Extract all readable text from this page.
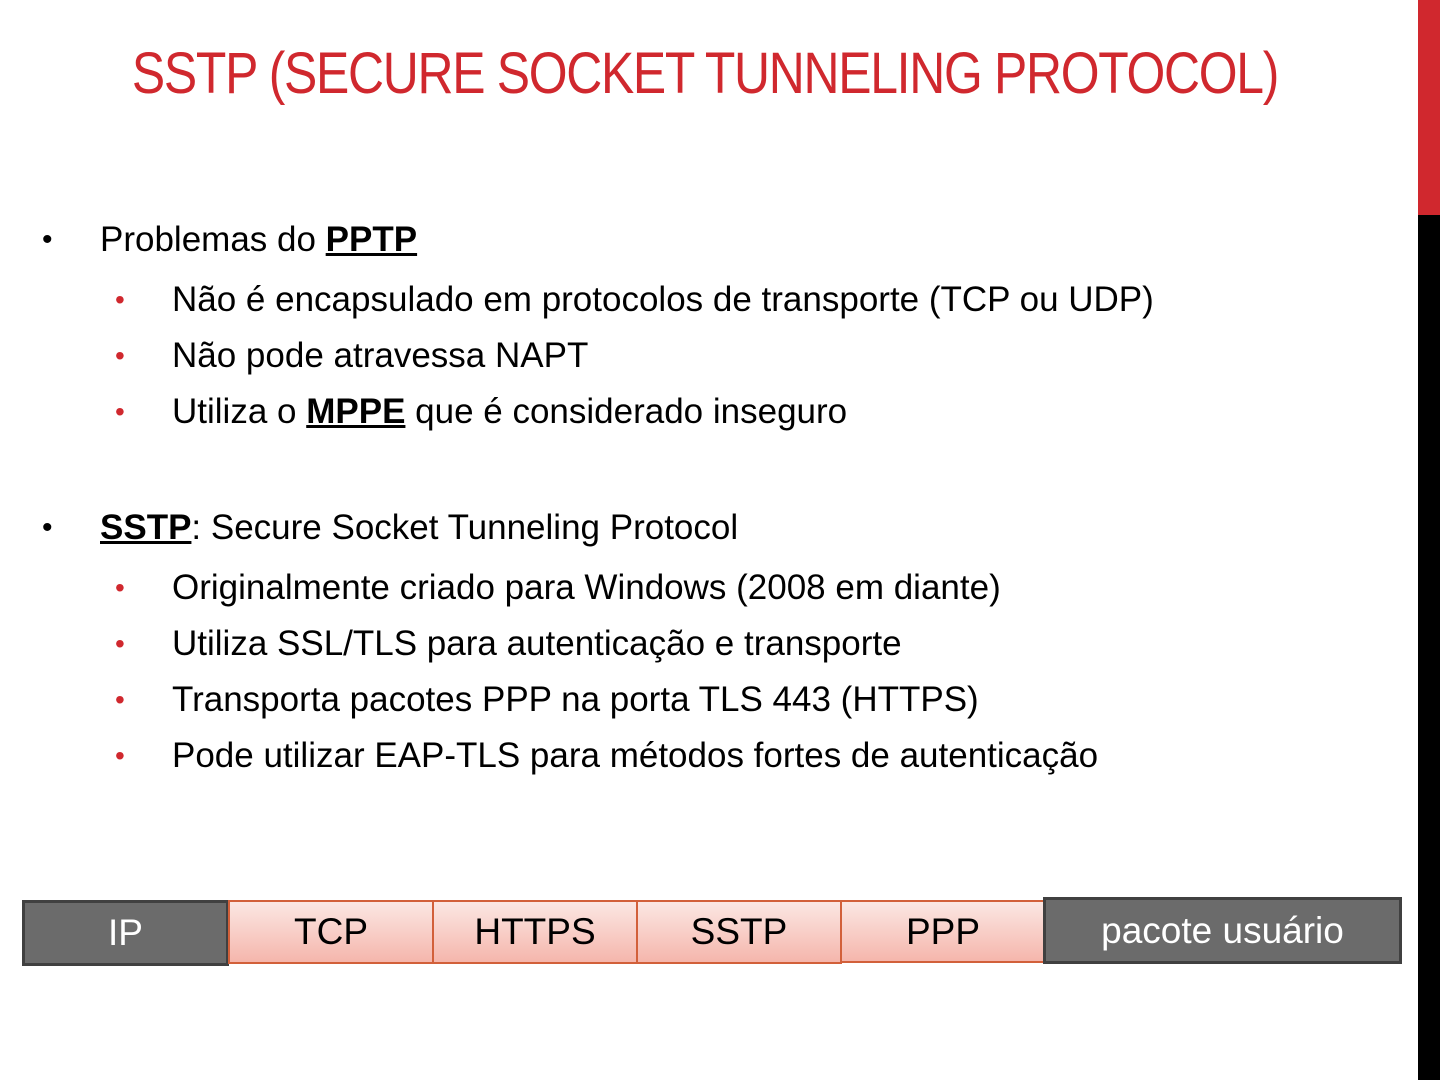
SSTP (SECURE SOCKET TUNNELING PROTOCOL)
• Problemas do PPTP
• Não é encapsulado em protocolos de transporte (TCP ou UDP)
• Não pode atravessa NAPT
• Utiliza o MPPE que é considerado inseguro
• SSTP: Secure Socket Tunneling Protocol
• Originalmente criado para Windows (2008 em diante)
• Utiliza SSL/TLS para autenticação e transporte
• Transporta pacotes PPP na porta TLS 443 (HTTPS)
• Pode utilizar EAP-TLS para métodos fortes de autenticação
IP	TCP	HTTPS	SSTP	PPP	pacote usuário
